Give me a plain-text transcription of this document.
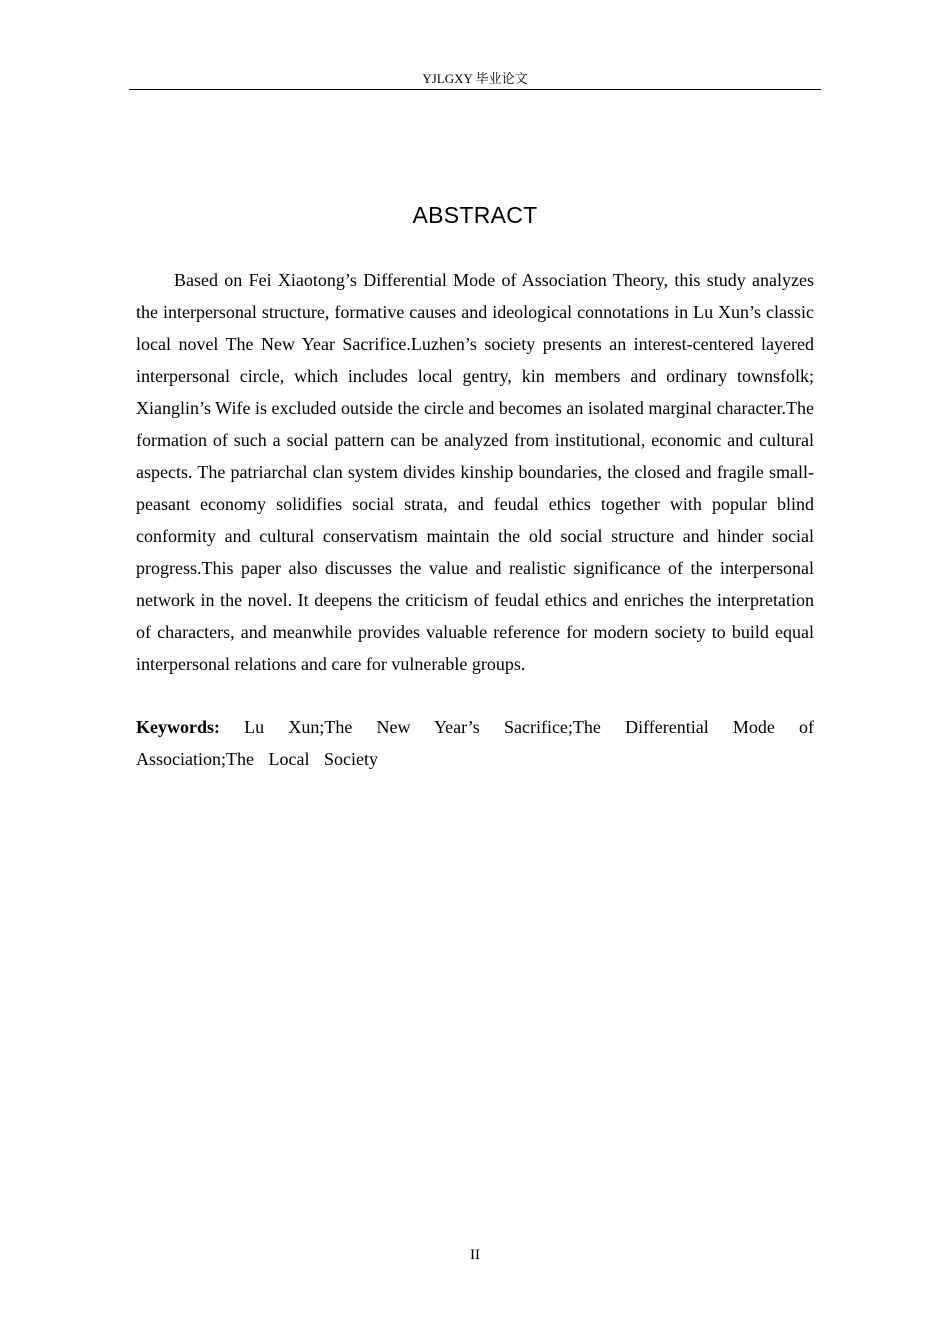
YJLGXY 毕业论文
ABSTRACT

Based on Fei Xiaotong’s Differential Mode of Association Theory, this study analyzes the interpersonal structure, formative causes and ideological connotations in Lu Xun’s classic local novel The New Year Sacrifice.Luzhen’s society presents an interest-centered layered interpersonal circle, which includes local gentry, kin members and ordinary townsfolk; Xianglin’s Wife is excluded outside the circle and becomes an isolated marginal character.The formation of such a social pattern can be analyzed from institutional, economic and cultural aspects. The patriarchal clan system divides kinship boundaries, the closed and fragile small-peasant economy solidifies social strata, and feudal ethics together with popular blind conformity and cultural conservatism maintain the old social structure and hinder social progress.This paper also discusses the value and realistic significance of the interpersonal network in the novel. It deepens the criticism of feudal ethics and enriches the interpretation of characters, and meanwhile provides valuable reference for modern society to build equal interpersonal relations and care for vulnerable groups.

Keywords: Lu Xun;The New Year’s Sacrifice;The Differential Mode of Association;The Local Society

II
